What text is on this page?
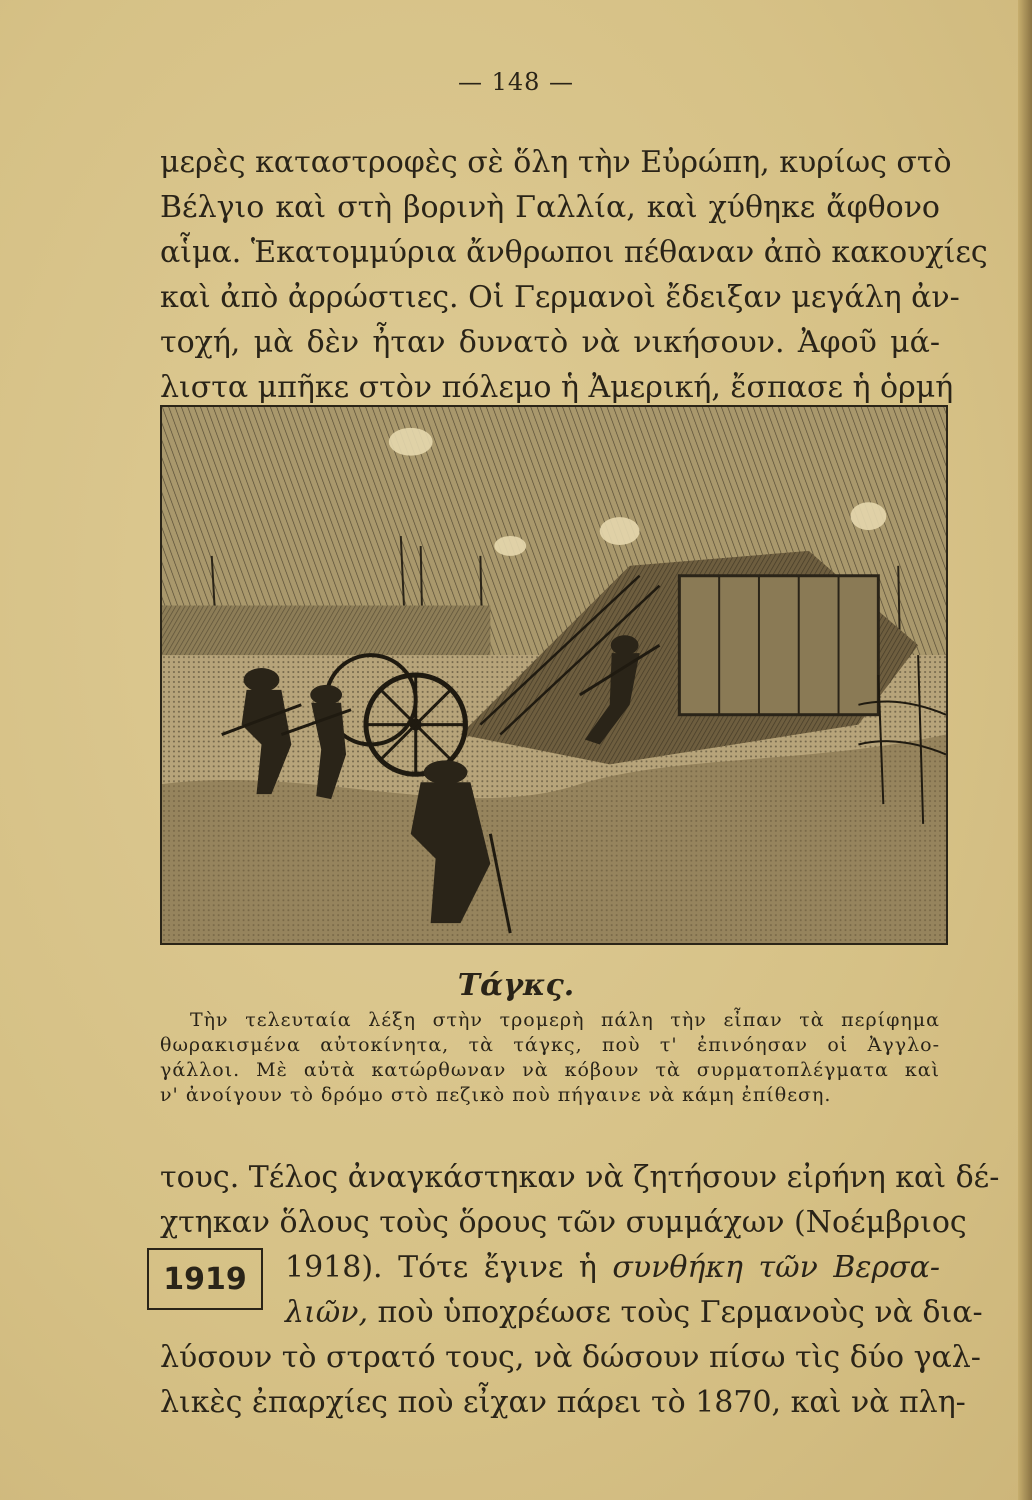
— 148 —
μερὲς καταστροφὲς σὲ ὅλη τὴν Εὐρώπη, κυρίως στὸ
Βέλγιο καὶ στὴ βορινὴ Γαλλία, καὶ χύθηκε ἄφθονο
αἷμα. Ἑκατομμύρια ἄνθρωποι πέθαναν ἀπὸ κακουχίες
καὶ ἀπὸ ἀρρώστιες. Οἱ Γερμανοὶ ἔδειξαν μεγάλη ἀν-
τοχή, μὰ δὲν ἦταν δυνατὸ νὰ νικήσουν. Ἀφοῦ μά-
λιστα μπῆκε στὸν πόλεμο ἡ Ἀμερική, ἔσπασε ἡ ὁρμή
Τάγκς.
Τὴν τελευταία λέξη στὴν τρομερὴ πάλη τὴν εἶπαν τὰ περίφημα
θωρακισμένα αὐτοκίνητα, τὰ τάγκς, ποὺ τ' ἐπινόησαν οἱ Ἀγγλο-
γάλλοι. Μὲ αὐτὰ κατώρθωναν νὰ κόβουν τὰ συρματοπλέγματα καὶ
ν' ἀνοίγουν τὸ δρόμο στὸ πεζικὸ ποὺ πήγαινε νὰ κάμη ἐπίθεση.
τους. Τέλος ἀναγκάστηκαν νὰ ζητήσουν εἰρήνη καὶ δέ-
χτηκαν ὅλους τοὺς ὅρους τῶν συμμάχων (Νοέμβριος
1918). Τότε ἔγινε ἡ συνθήκη τῶν Βερσα-
λιῶν, ποὺ ὑποχρέωσε τοὺς Γερμανοὺς νὰ δια-
λύσουν τὸ στρατό τους, νὰ δώσουν πίσω τὶς δύο γαλ-
λικὲς ἐπαρχίες ποὺ εἶχαν πάρει τὸ 1870, καὶ νὰ πλη-
1919
